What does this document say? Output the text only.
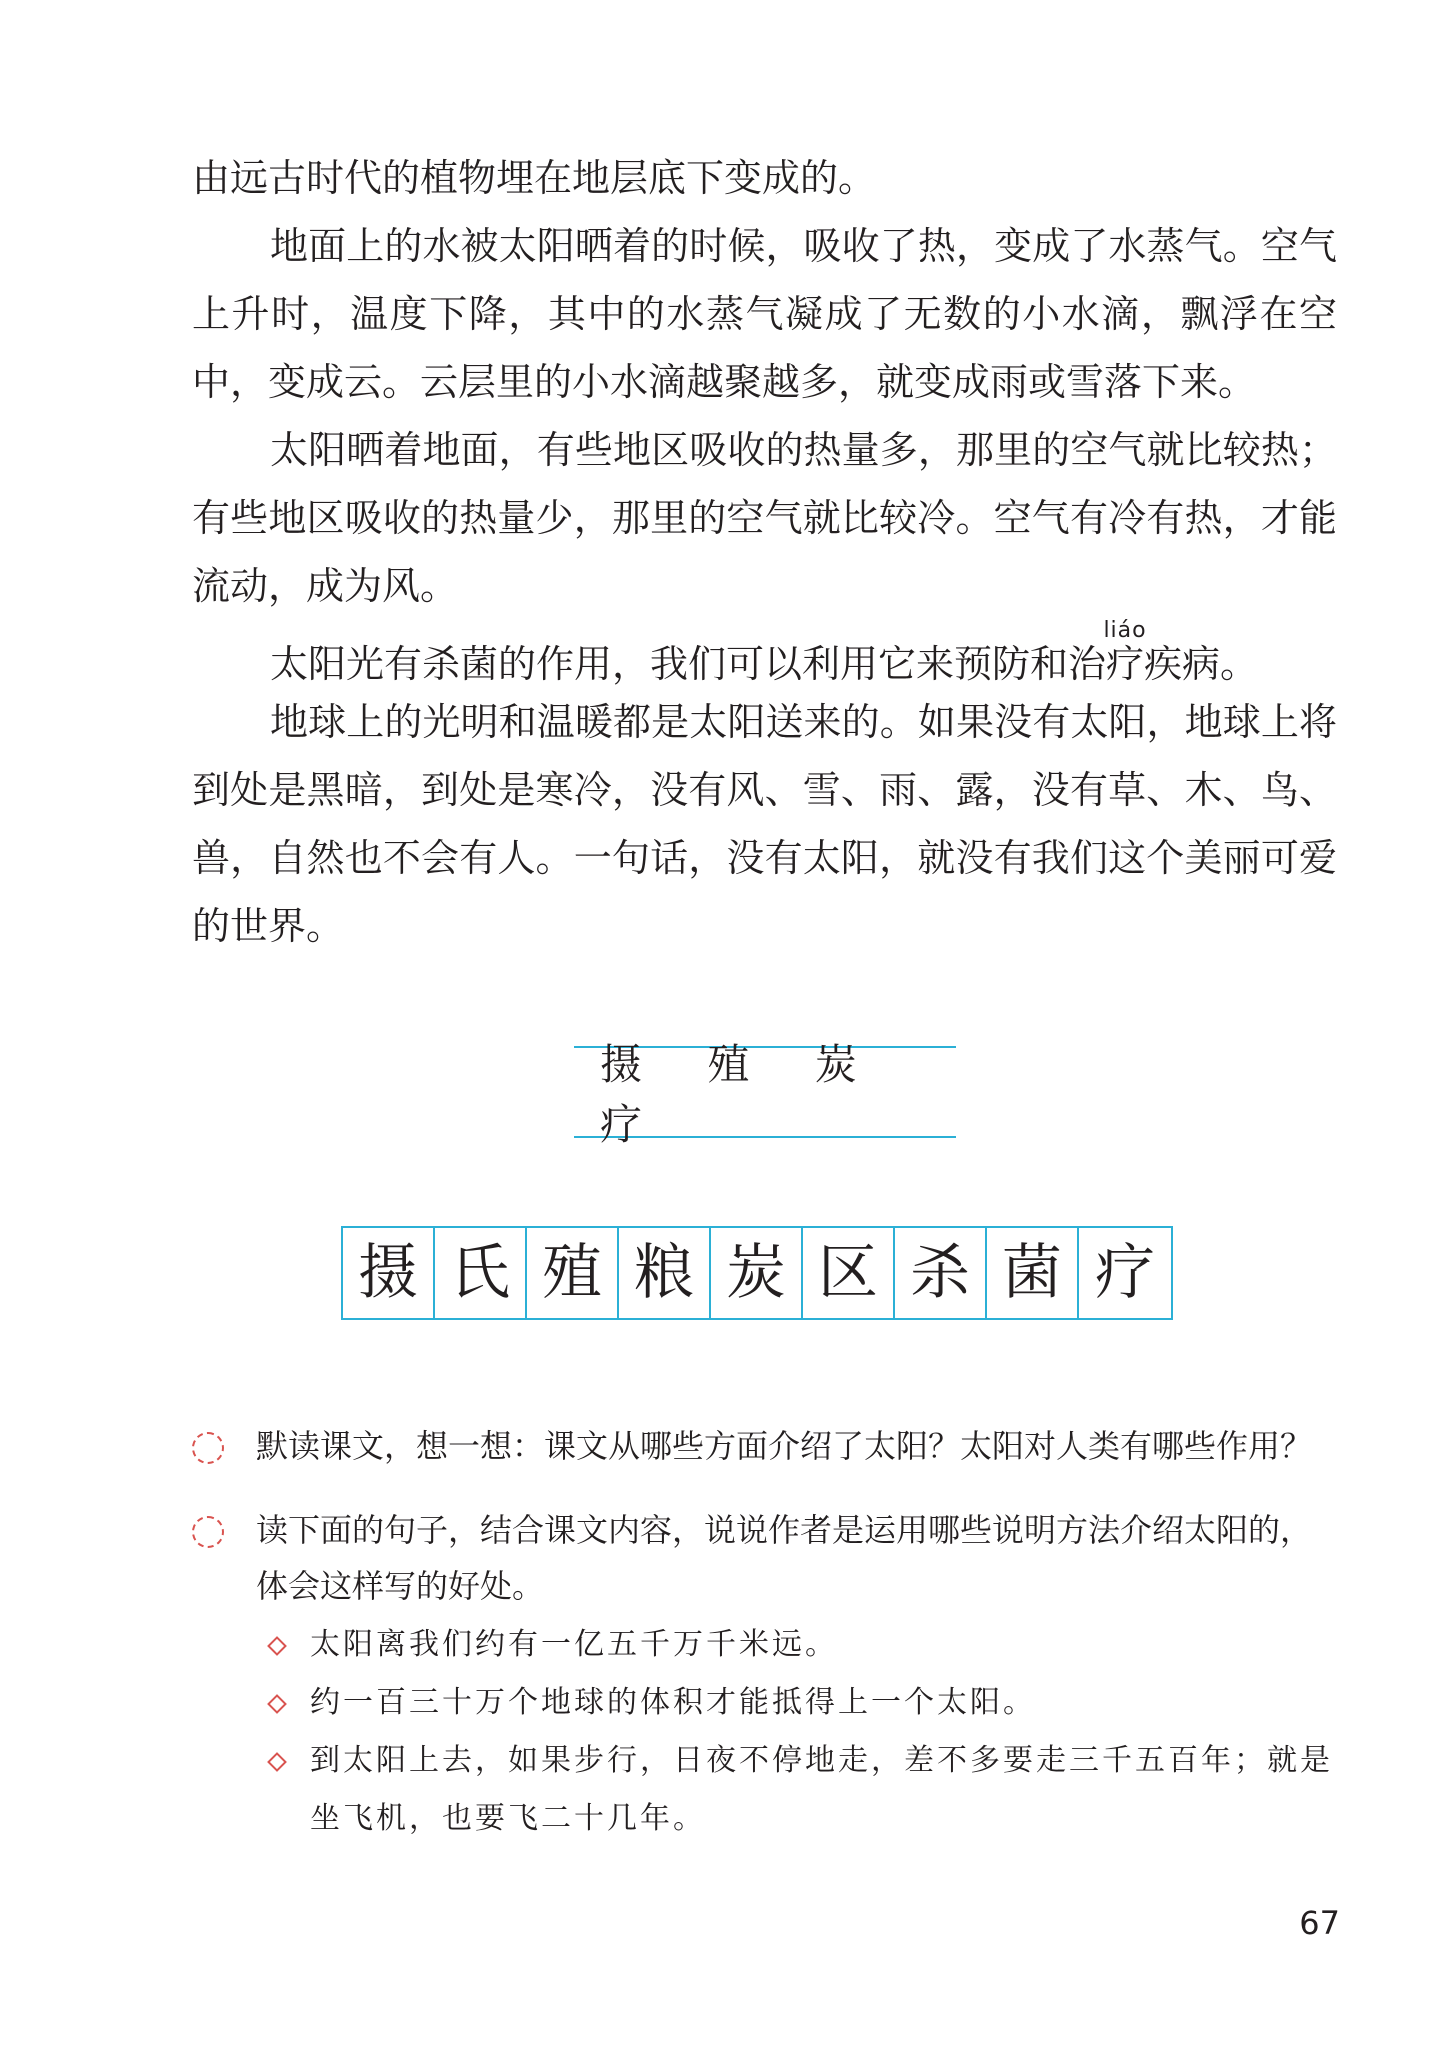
由远古时代的植物埋在地层底下变成的。

地面上的水被太阳晒着的时候，吸收了热，变成了水蒸气。空气上升时，温度下降，其中的水蒸气凝成了无数的小水滴，飘浮在空中，变成云。云层里的小水滴越聚越多，就变成雨或雪落下来。

太阳晒着地面，有些地区吸收的热量多，那里的空气就比较热；有些地区吸收的热量少，那里的空气就比较冷。空气有冷有热，才能流动，成为风。

太阳光有杀菌的作用，我们可以利用它来预防和治疗liáo疾病。

地球上的光明和温暖都是太阳送来的。如果没有太阳，地球上将到处是黑暗，到处是寒冷，没有风、雪、雨、露，没有草、木、鸟、兽，自然也不会有人。一句话，没有太阳，就没有我们这个美丽可爱的世界。

摄 殖 炭 疗
摄 氏 殖 粮 炭 区 杀 菌 疗

默读课文，想一想：课文从哪些方面介绍了太阳？太阳对人类有哪些作用？

读下面的句子，结合课文内容，说说作者是运用哪些说明方法介绍太阳的，体会这样写的好处。

太阳离我们约有一亿五千万千米远。

约一百三十万个地球的体积才能抵得上一个太阳。

到太阳上去，如果步行，日夜不停地走，差不多要走三千五百年；就是坐飞机，也要飞二十几年。

67
